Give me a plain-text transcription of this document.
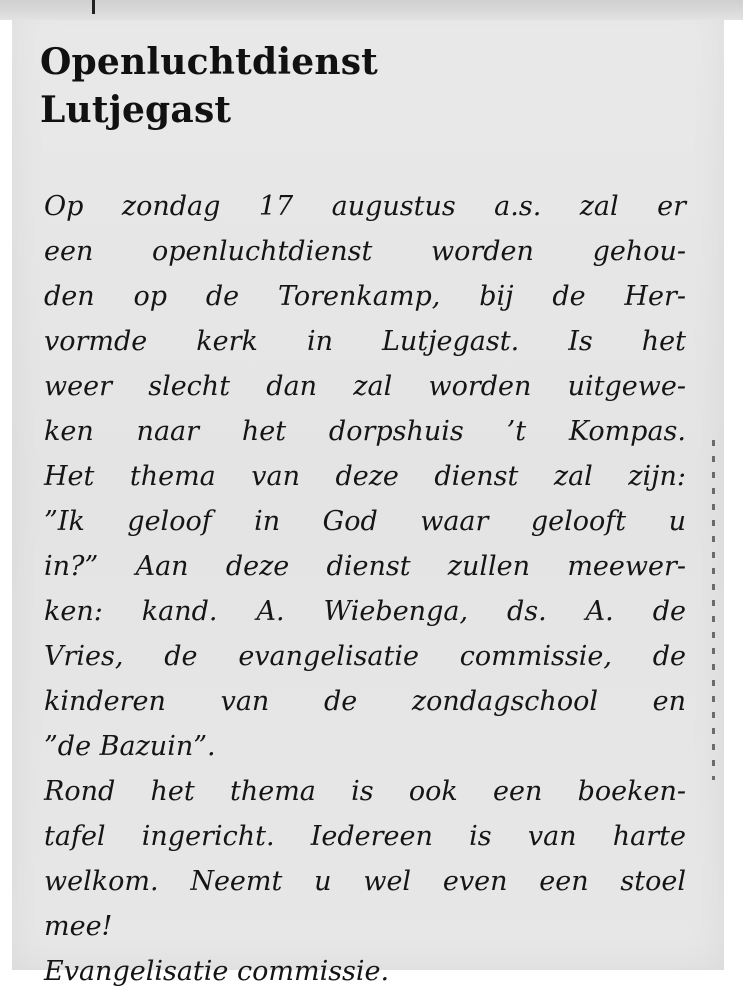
Openluchtdienst
Lutjegast
Op zondag 17 augustus a.s. zal er
een openluchtdienst worden gehou-
den op de Torenkamp, bij de Her-
vormde kerk in Lutjegast. Is het
weer slecht dan zal worden uitgewe-
ken naar het dorpshuis ’t Kompas.
Het thema van deze dienst zal zijn:
”Ik geloof in God waar gelooft u
in?” Aan deze dienst zullen meewer-
ken: kand. A. Wiebenga, ds. A. de
Vries, de evangelisatie commissie, de
kinderen van de zondagschool en
”de Bazuin”.
Rond het thema is ook een boeken-
tafel ingericht. Iedereen is van harte
welkom. Neemt u wel even een stoel
mee!
Evangelisatie commissie.
